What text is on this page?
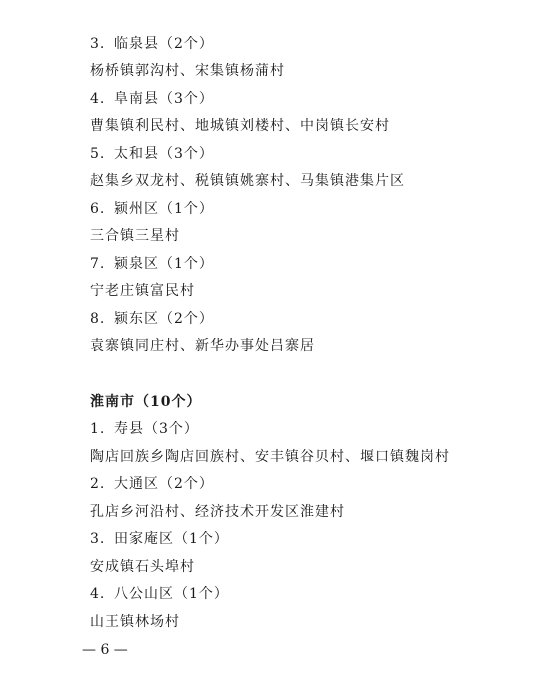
3. 临泉县（2个）
杨桥镇郭沟村、宋集镇杨蒲村
4. 阜南县（3个）
曹集镇利民村、地城镇刘楼村、中岗镇长安村
5. 太和县（3个）
赵集乡双龙村、税镇镇姚寨村、马集镇港集片区
6. 颍州区（1个）
三合镇三星村
7. 颍泉区（1个）
宁老庄镇富民村
8. 颍东区（2个）
袁寨镇同庄村、新华办事处吕寨居
淮南市（10个）
1. 寿县（3个）
陶店回族乡陶店回族村、安丰镇谷贝村、堰口镇魏岗村
2. 大通区（2个）
孔店乡河沿村、经济技术开发区淮建村
3. 田家庵区（1个）
安成镇石头埠村
4. 八公山区（1个）
山王镇林场村
— 6 —
